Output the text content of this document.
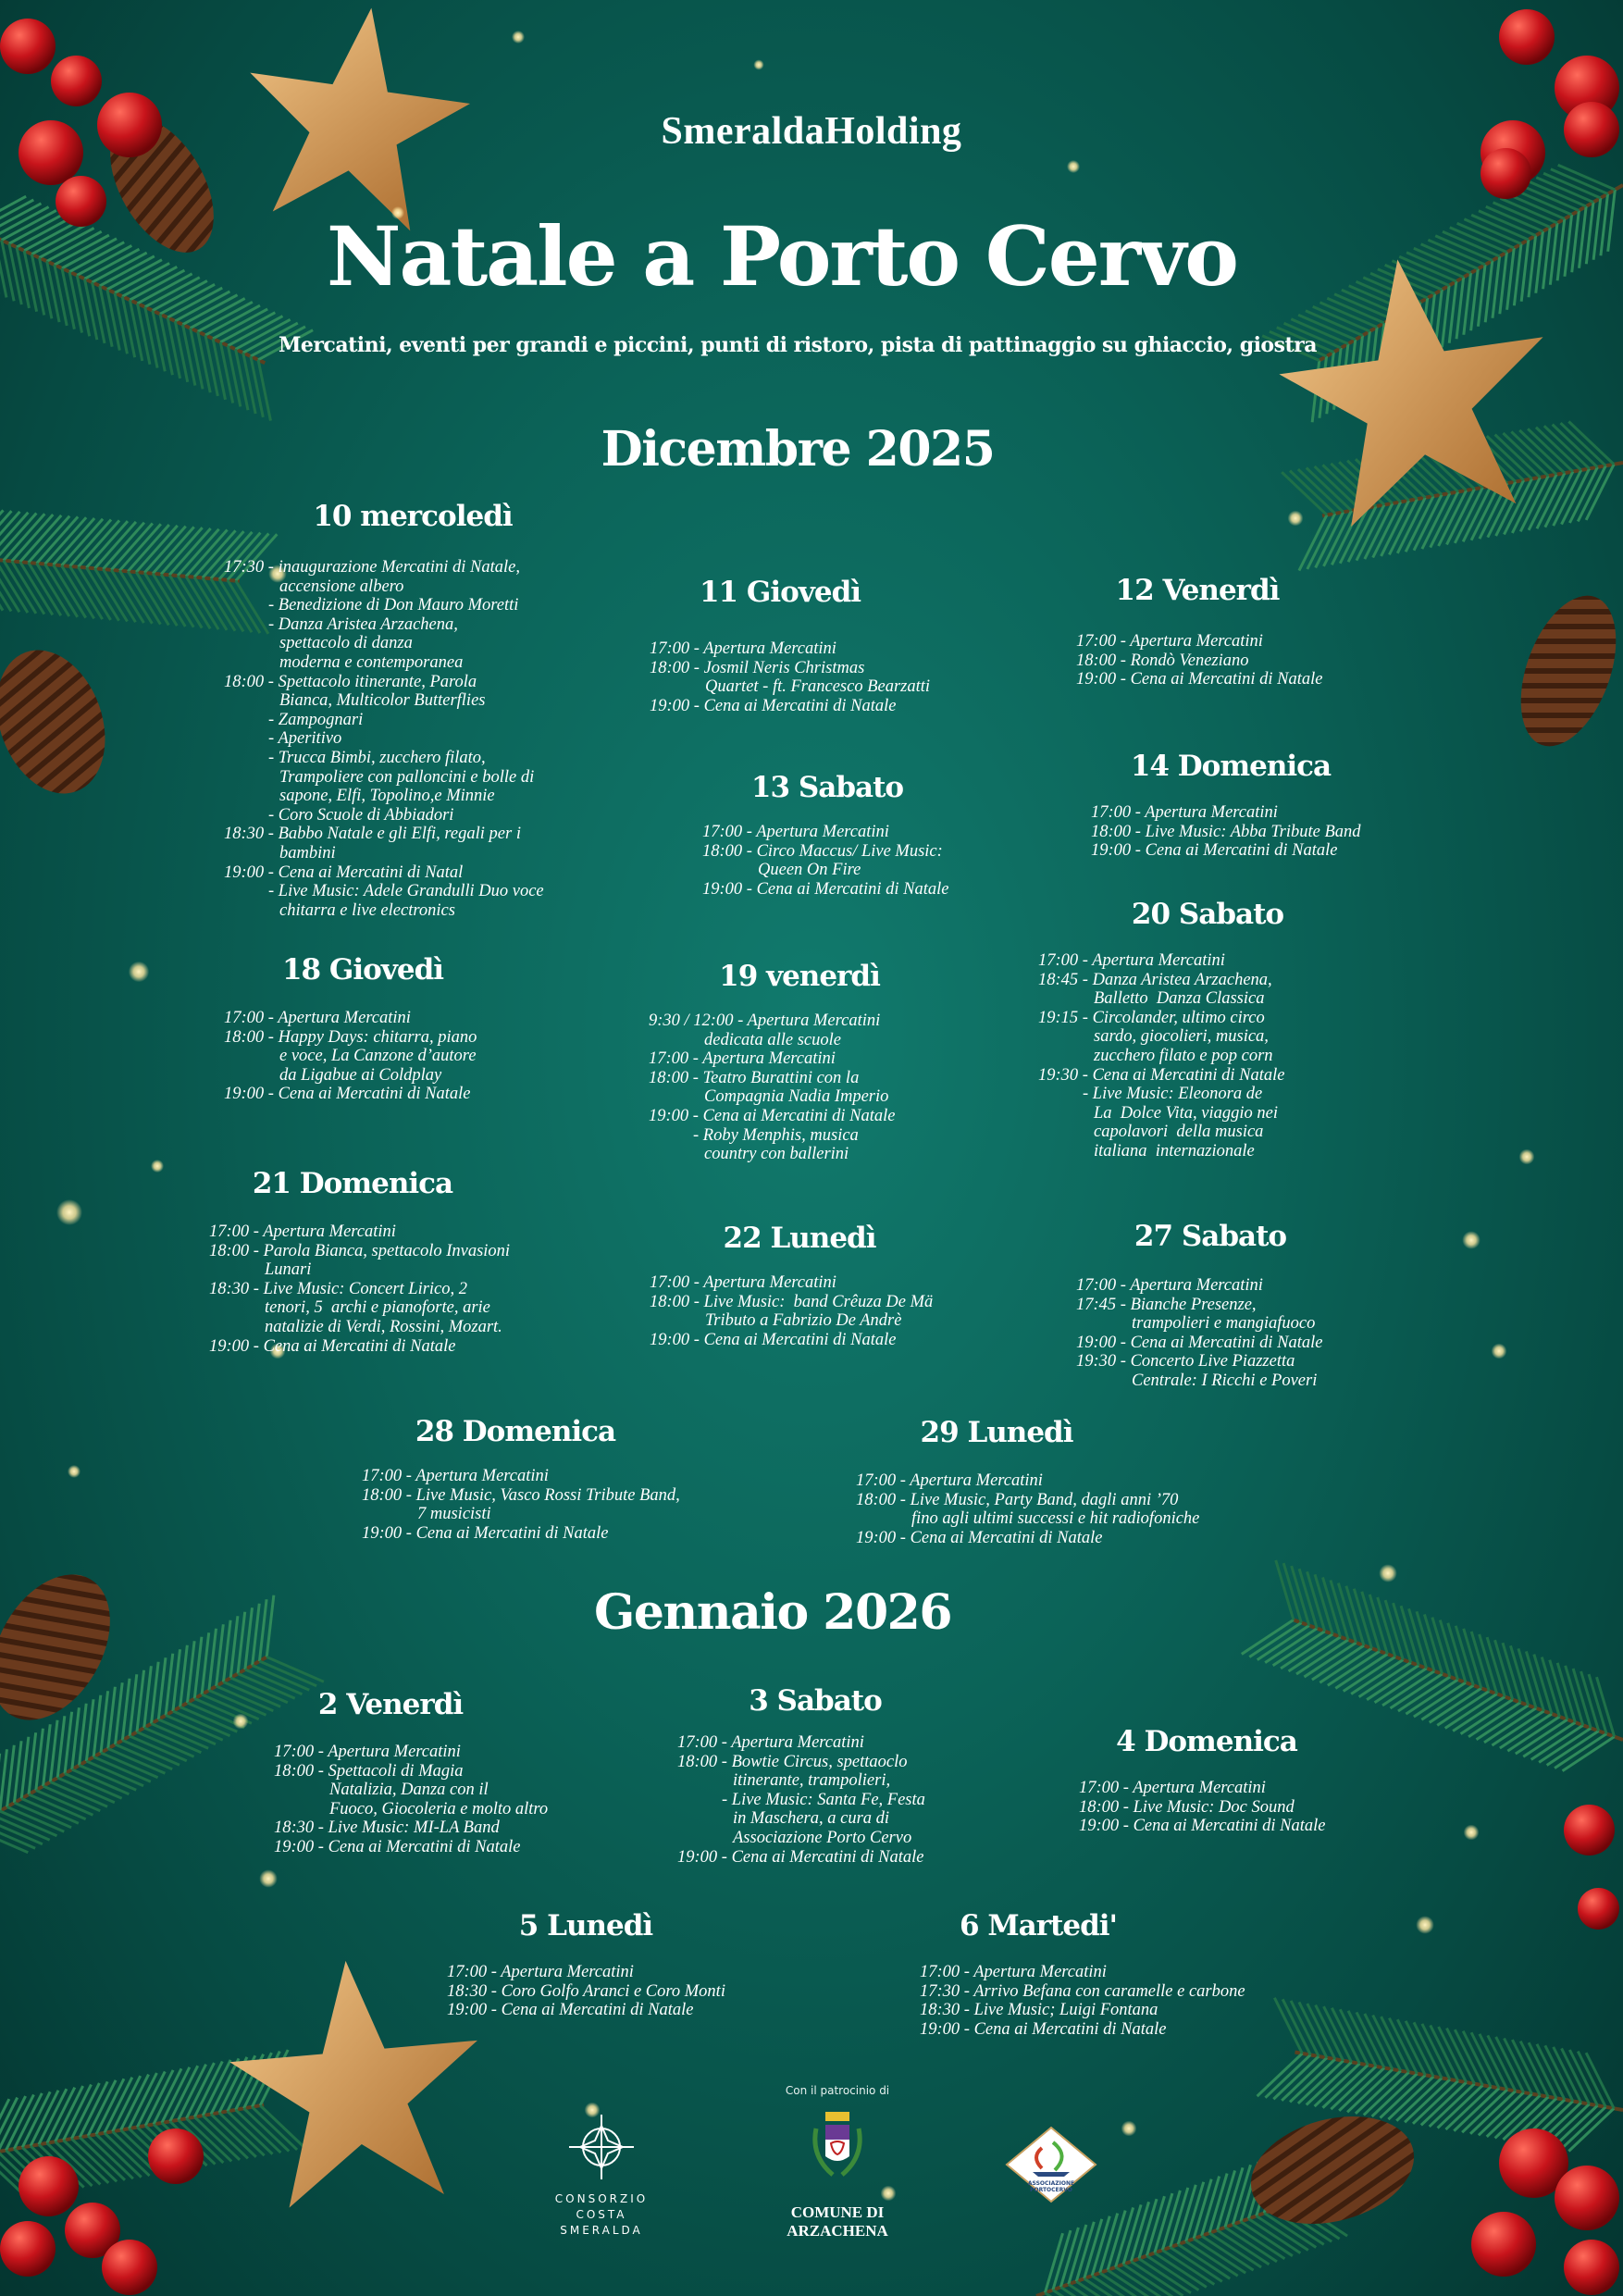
SmeraldaHolding
Natale a Porto Cervo
Mercatini, eventi per grandi e piccini, punti di ristoro, pista di pattinaggio su ghiaccio, giostra
Dicembre 2025
Gennaio 2026
10 mercoledì
17:30 - inaugurazione Mercatini di Natale,
accensione albero
- Benedizione di Don Mauro Moretti
- Danza Aristea Arzachena,
spettacolo di danza
moderna e contemporanea
18:00 - Spettacolo itinerante, Parola
Bianca, Multicolor Butterflies
- Zampognari
- Aperitivo
- Trucca Bimbi, zucchero filato,
Trampoliere con palloncini e bolle di
sapone, Elfi, Topolino,e Minnie
- Coro Scuole di Abbiadori
18:30 - Babbo Natale e gli Elfi, regali per i
bambini
19:00 - Cena ai Mercatini di Natal
- Live Music: Adele Grandulli Duo voce
chitarra e live electronics
11 Giovedì
17:00 - Apertura Mercatini
18:00 - Josmil Neris Christmas
Quartet - ft. Francesco Bearzatti
19:00 - Cena ai Mercatini di Natale
12 Venerdì
17:00 - Apertura Mercatini
18:00 - Rondò Veneziano
19:00 - Cena ai Mercatini di Natale
13 Sabato
17:00 - Apertura Mercatini
18:00 - Circo Maccus/ Live Music:
Queen On Fire
19:00 - Cena ai Mercatini di Natale
14 Domenica
17:00 - Apertura Mercatini
18:00 - Live Music: Abba Tribute Band
19:00 - Cena ai Mercatini di Natale
20 Sabato
17:00 - Apertura Mercatini
18:45 - Danza Aristea Arzachena,
Balletto  Danza Classica
19:15 - Circolander, ultimo circo
sardo, giocolieri, musica,
zucchero filato e pop corn
19:30 - Cena ai Mercatini di Natale
- Live Music: Eleonora de
La  Dolce Vita, viaggio nei
capolavori  della musica
italiana  internazionale
18 Giovedì
17:00 - Apertura Mercatini
18:00 - Happy Days: chitarra, piano
e voce, La Canzone d’autore
da Ligabue ai Coldplay
19:00 - Cena ai Mercatini di Natale
19 venerdì
9:30 / 12:00 - Apertura Mercatini
dedicata alle scuole
17:00 - Apertura Mercatini
18:00 - Teatro Burattini con la
Compagnia Nadia Imperio
19:00 - Cena ai Mercatini di Natale
- Roby Menphis, musica
country con ballerini
21 Domenica
17:00 - Apertura Mercatini
18:00 - Parola Bianca, spettacolo Invasioni
Lunari
18:30 - Live Music: Concert Lirico, 2
tenori, 5  archi e pianoforte, arie
natalizie di Verdi, Rossini, Mozart.
19:00 - Cena ai Mercatini di Natale
22 Lunedì
17:00 - Apertura Mercatini
18:00 - Live Music:  band Crêuza De Mä
Tributo a Fabrizio De Andrè
19:00 - Cena ai Mercatini di Natale
27 Sabato
17:00 - Apertura Mercatini
17:45 - Bianche Presenze,
trampolieri e mangiafuoco
19:00 - Cena ai Mercatini di Natale
19:30 - Concerto Live Piazzetta
Centrale: I Ricchi e Poveri
28 Domenica
17:00 - Apertura Mercatini
18:00 - Live Music, Vasco Rossi Tribute Band,
7 musicisti
19:00 - Cena ai Mercatini di Natale
29 Lunedì
17:00 - Apertura Mercatini
18:00 - Live Music, Party Band, dagli anni ’70
fino agli ultimi successi e hit radiofoniche
19:00 - Cena ai Mercatini di Natale
2 Venerdì
17:00 - Apertura Mercatini
18:00 - Spettacoli di Magia
Natalizia, Danza con il
Fuoco, Giocoleria e molto altro
18:30 - Live Music: MI-LA Band
19:00 - Cena ai Mercatini di Natale
3 Sabato
17:00 - Apertura Mercatini
18:00 - Bowtie Circus, spettaoclo
itinerante, trampolieri,
- Live Music: Santa Fe, Festa
in Maschera, a cura di
Associazione Porto Cervo
19:00 - Cena ai Mercatini di Natale
4 Domenica
17:00 - Apertura Mercatini
18:00 - Live Music: Doc Sound
19:00 - Cena ai Mercatini di Natale
5 Lunedì
17:00 - Apertura Mercatini
18:30 - Coro Golfo Aranci e Coro Monti
19:00 - Cena ai Mercatini di Natale
6 Martedi'
17:00 - Apertura Mercatini
17:30 - Arrivo Befana con caramelle e carbone
18:30 - Live Music; Luigi Fontana
19:00 - Cena ai Mercatini di Natale
Con il patrocinio di
CONSORZIO
COSTA SMERALDA
COMUNE DI ARZACHENA
ASSOCIAZIONE
PORTOCERVO
